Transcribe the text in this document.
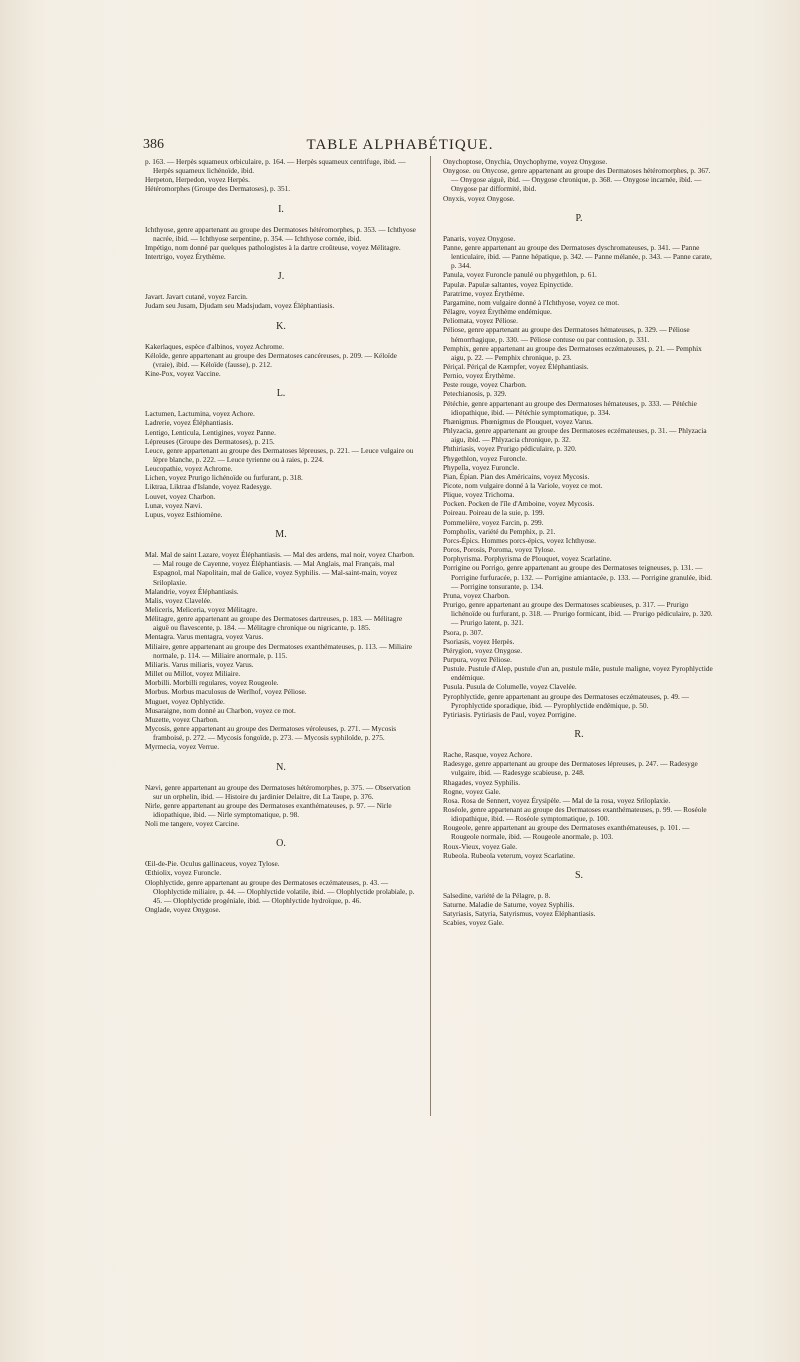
386	TABLE ALPHABÉTIQUE.

p. 163. — Herpès squameux orbiculaire, p. 164. — Herpès squameux centrifuge, ibid. — Herpès squameux lichénoïde, ibid.

Herpeton, Herpedon, voyez Herpès.

Hétéromorphes (Groupe des Dermatoses), p. 351.

I.

Ichthyose, genre appartenant au groupe des Dermatoses hétéromorphes, p. 353. — Ichthyose nacrée, ibid. — Ichthyose serpentine, p. 354. — Ichthyose cornée, ibid.

Impétigo, nom donné par quelques pathologistes à la dartre croûteuse, voyez Mélitagre.

Intertrigo, voyez Érythème.

J.

Javart. Javart cutané, voyez Farcin.

Judam seu Jusam, Djudam seu Madsjudam, voyez Éléphantiasis.

K.

Kakerlaques, espèce d'albinos, voyez Achrome.

Kéloïde, genre appartenant au groupe des Dermatoses cancéreuses, p. 209. — Kéloïde (vraie), ibid. — Kéloïde (fausse), p. 212.

Kine-Pox, voyez Vaccine.

L.

Lactumen, Lactumina, voyez Achore.

Ladrerie, voyez Éléphantiasis.

Lentigo, Lenticula, Lentigines, voyez Panne.

Lépreuses (Groupe des Dermatoses), p. 215.

Leuce, genre appartenant au groupe des Dermatoses lépreuses, p. 221. — Leuce vulgaire ou lèpre blanche, p. 222. — Leuce tyrienne ou à raies, p. 224.

Leucopathie, voyez Achrome.

Lichen, voyez Prurigo lichénoïde ou furfurant, p. 318.

Liktraa, Liktraa d'Islande, voyez Radesyge.

Louvet, voyez Charbon.

Lunæ, voyez Nævi.

Lupus, voyez Esthiomène.

M.

Mal. Mal de saint Lazare, voyez Éléphantiasis. — Mal des ardens, mal noir, voyez Charbon. — Mal rouge de Cayenne, voyez Éléphantiasis. — Mal Anglais, mal Français, mal Espagnol, mal Napolitain, mal de Galice, voyez Syphilis. — Mal-saint-main, voyez Sriloplaxie.

Malandrie, voyez Éléphantiasis.

Malis, voyez Clavelée.

Meliceris, Meliceria, voyez Mélitagre.

Mélitagre, genre appartenant au groupe des Dermatoses dartreuses, p. 183. — Mélitagre aiguë ou flavescente, p. 184. — Mélitagre chronique ou nigricante, p. 185.

Mentagra. Varus mentagra, voyez Varus.

Miliaire, genre appartenant au groupe des Dermatoses exanthémateuses, p. 113. — Miliaire normale, p. 114. — Miliaire anormale, p. 115.

Miliaris. Varus miliaris, voyez Varus.

Millet ou Millot, voyez Miliaire.

Morbilli. Morbilli regulares, voyez Rougeole.

Morbus. Morbus maculosus de Werlhof, voyez Péliose.

Muguet, voyez Ophlyctide.

Musaraigne, nom donné au Charbon, voyez ce mot.

Muzette, voyez Charbon.

Mycosis, genre appartenant au groupe des Dermatoses véroleuses, p. 271. — Mycosis framboisé, p. 272. — Mycosis fongoïde, p. 273. — Mycosis syphiloïde, p. 275.

Myrmecia, voyez Verrue.

N.

Nævi, genre appartenant au groupe des Dermatoses hétéromorphes, p. 375. — Observation sur un orphelin, ibid. — Histoire du jardinier Delaitre, dit La Taupe, p. 376.

Nirle, genre appartenant au groupe des Dermatoses exanthémateuses, p. 97. — Nirle idiopathique, ibid. — Nirle symptomatique, p. 98.

Noli me tangere, voyez Carcine.

O.

Œil-de-Pie. Oculus gallinaceus, voyez Tylose.

Œthiolix, voyez Furoncle.

Olophlyctide, genre appartenant au groupe des Dermatoses eczémateuses, p. 43. — Olophlyctide miliaire, p. 44. — Olophlyctide volatile, ibid. — Olophlyctide prolabiale, p. 45. — Olophlyctide progéniale, ibid. — Olophlyctide hydroïque, p. 46.

Onglade, voyez Onygose.

Onychoptose, Onychia, Onychophyme, voyez Onygose.

Onygose. ou Onycose, genre appartenant au groupe des Dermatoses hétéromorphes, p. 367. — Onygose aiguë, ibid. — Onygose chronique, p. 368. — Onygose incarnée, ibid. — Onygose par difformité, ibid.

Onyxis, voyez Onygose.

P.

Panaris, voyez Onygose.

Panne, genre appartenant au groupe des Dermatoses dyschromateuses, p. 341. — Panne lenticulaire, ibid. — Panne hépatique, p. 342. — Panne mélanée, p. 343. — Panne carate, p. 344.

Panula, voyez Furoncle panulé ou phygethlon, p. 61.

Papulæ. Papulæ saltantes, voyez Epinyctide.

Paratrime, voyez Érythème.

Pargamine, nom vulgaire donné à l'Ichthyose, voyez ce mot.

Pélagre, voyez Érythème endémique.

Peliomata, voyez Péliose.

Péliose, genre appartenant au groupe des Dermatoses hémateuses, p. 329. — Péliose hémorrhagique, p. 330. — Péliose contuse ou par contusion, p. 331.

Pemphix, genre appartenant au groupe des Dermatoses eczémateuses, p. 21. — Pemphix aigu, p. 22. — Pemphix chronique, p. 23.

Périçal. Périçal de Kæmpfer, voyez Éléphantiasis.

Pernio, voyez Érythème.

Peste rouge, voyez Charbon.

Petechianosis, p. 329.

Pétéchie, genre appartenant au groupe des Dermatoses hémateuses, p. 333. — Pétéchie idiopathique, ibid. — Pétéchie symptomatique, p. 334.

Phænigmus. Phœnigmus de Plouquet, voyez Varus.

Phlyzacia, genre appartenant au groupe des Dermatoses eczémateuses, p. 31. — Phlyzacia aigu, ibid. — Phlyzacia chronique, p. 32.

Phthiriasis, voyez Prurigo pédiculaire, p. 320.

Phygethlon, voyez Furoncle.

Phypella, voyez Furoncle.

Pian, Épian. Pian des Américains, voyez Mycosis.

Picote, nom vulgaire donné à la Variole, voyez ce mot.

Plique, voyez Trichoma.

Pocken. Pocken de l'île d'Amboine, voyez Mycosis.

Poireau. Poireau de la suie, p. 199.

Pommelière, voyez Farcin, p. 299.

Pompholix, variété du Pemphix, p. 21.

Porcs-Épics. Hommes porcs-épics, voyez Ichthyose.

Poros, Porosis, Poroma, voyez Tylose.

Porphyrisma. Porphyrisma de Plouquet, voyez Scarlatine.

Porrigine ou Porrigo, genre appartenant au groupe des Dermatoses teigneuses, p. 131. — Porrigine furfuracée, p. 132. — Porrigine amiantacée, p. 133. — Porrigine granulée, ibid. — Porrigine tonsurante, p. 134.

Pruna, voyez Charbon.

Prurigo, genre appartenant au groupe des Dermatoses scabieuses, p. 317. — Prurigo lichénoïde ou furfurant, p. 318. — Prurigo formicant, ibid. — Prurigo pédiculaire, p. 320. — Prurigo latent, p. 321.

Psora, p. 307.

Psoriasis, voyez Herpès.

Ptérygion, voyez Onygose.

Purpura, voyez Péliose.

Pustule. Pustule d'Alep, pustule d'un an, pustule mâle, pustule maligne, voyez Pyrophlyctide endémique.

Pusula. Pusula de Columelle, voyez Clavelée.

Pyrophlyctide, genre appartenant au groupe des Dermatoses eczémateuses, p. 49. — Pyrophlyctide sporadique, ibid. — Pyrophlyctide endémique, p. 50.

Pytiriasis. Pytiriasis de Paul, voyez Porrigine.

R.

Rache, Rasque, voyez Achore.

Radesyge, genre appartenant au groupe des Dermatoses lépreuses, p. 247. — Radesyge vulgaire, ibid. — Radesyge scabieuse, p. 248.

Rhagades, voyez Syphilis.

Rogne, voyez Gale.

Rosa. Rosa de Sennert, voyez Érysipèle. — Mal de la rosa, voyez Sriloplaxie.

Roséole, genre appartenant au groupe des Dermatoses exanthémateuses, p. 99. — Roséole idiopathique, ibid. — Roséole symptomatique, p. 100.

Rougeole, genre appartenant au groupe des Dermatoses exanthémateuses, p. 101. — Rougeole normale, ibid. — Rougeole anormale, p. 103.

Roux-Vieux, voyez Gale.

Rubeola. Rubeola veterum, voyez Scarlatine.

S.

Salsedine, variété de la Pélagre, p. 8.

Saturne. Maladie de Saturne, voyez Syphilis.

Satyriasis, Satyria, Satyrismus, voyez Éléphantiasis.

Scabies, voyez Gale.
